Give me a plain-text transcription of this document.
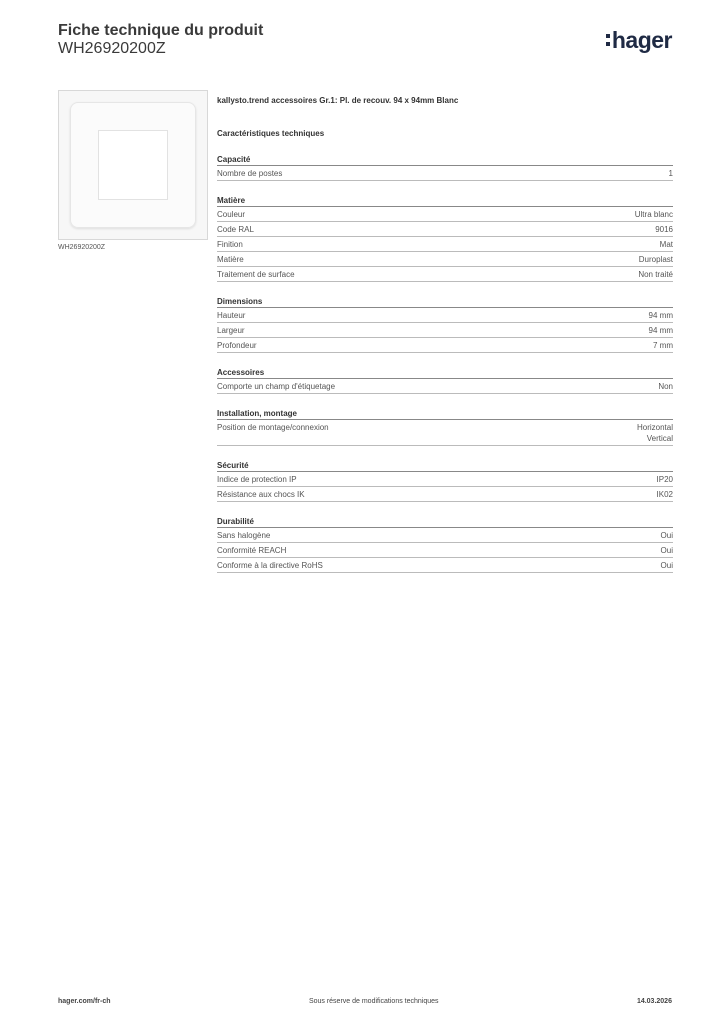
Fiche technique du produit
WH26920200Z	hager
WH26920200Z
kallysto.trend accessoires Gr.1: Pl. de recouv. 94 x 94mm Blanc
Caractéristiques techniques
Capacité
Nombre de postes	1
Matière
Couleur	Ultra blanc
Code RAL	9016
Finition	Mat
Matière	Duroplast
Traitement de surface	Non traité
Dimensions
Hauteur	94 mm
Largeur	94 mm
Profondeur	7 mm
Accessoires
Comporte un champ d'étiquetage	Non
Installation, montage
Position de montage/connexion	Horizontal
Vertical
Sécurité
Indice de protection IP	IP20
Résistance aux chocs IK	IK02
Durabilité
Sans halogène	Oui
Conformité REACH	Oui
Conforme à la directive RoHS	Oui
hager.com/fr-ch	Sous réserve de modifications techniques	14.03.2026
